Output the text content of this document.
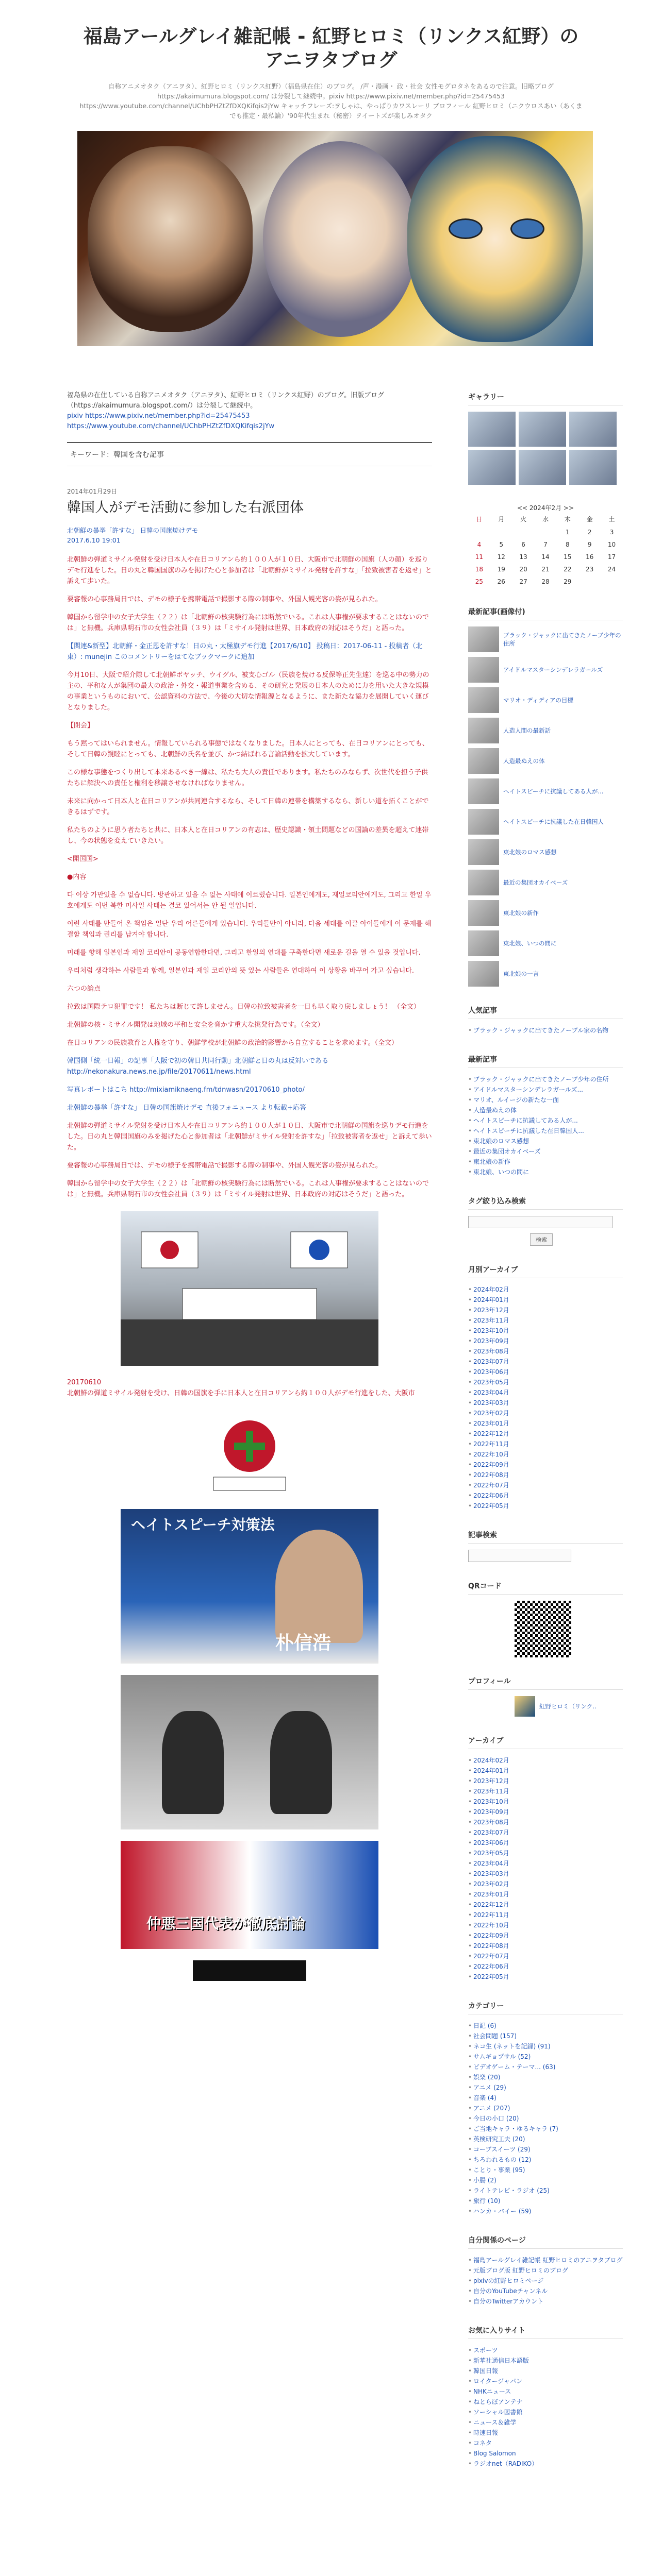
福島アールグレイ雑記帳 - 紅野ヒロミ（リンクス紅野）のアニヲタブログ
自称アニメオタク（アニヲタ）、紅野ヒロミ（リンクス紅野）（福島県在住）のブログ。 /声・漫画・ 政・社会 女性モグロタネをあるので注意。旧略ブログ https://akaimumura.blogspot.com/ は分裂して継続中。pixiv https://www.pixiv.net/member.php?id=25475453 https://www.youtube.com/channel/UChbPHZtZfDXQKifqis2jYw キャッチフレーズ:ヲしゃは、やっぱりカワスレーリ ブロフィール 紅野ヒロミ（ニクウロスあい（あくまでも推定・最私論）'90年代生まれ（秘密）ヲイートズが楽しみオタク
福島県の在住している自称アニメオタク（アニヲタ）、紅野ヒロミ（リンクス紅野）のブログ。旧版ブログ（https://akaimumura.blogspot.com/）は分裂して継続中。
pixiv https://www.pixiv.net/member.php?id=25475453
https://www.youtube.com/channel/UChbPHZtZfDXQKifqis2jYw
キーワード：韓国を含む記事
2014年01月29日
韓国人がデモ活動に参加した右派団体
北朝鮮の暴挙「許すな」 日韓の国旗焼けデモ
2017.6.10 19:01

北朝鮮の弾道ミサイル発射を受け日本人や在日コリアンら約１００人が１０日、大阪市で北朝鮮の国旗（人の顔）を巡りデモ行進をした。日の丸と韓国国旗のみを掲げた心と参加者は「北朝鮮がミサイル発射を許すな」「拉致被害者を返せ」と訴えて歩いた。

要審報の心事務局日では、デモの様子を携帯電話で撮影する際の制事や、外国人観光客の姿が見られた。

韓国から留学中の女子大学生（２２）は「北朝鮮の核実験行為には断然でいる。これは人事権が要求することはないのでは」と無機。兵庫県明石市の女性会社員（３９）は「ミサイル発射は世界、日本政府の対応はそうだ」と語った。

【関連&新型】北朝鮮・金正恩を許すな！日の丸・太極旗デモ行進【2017/6/10】 投稿日：2017-06-11 - 投稿者（北東）: munejin このコメントリーをはてなブックマークに追加

今月10日、大阪で紹介際して北朝鮮ボヤッチ、ウイグル、被支心ゴル（民族を焼ける反保等正先生達）を巡る中の勢力の主の、平和な人が集団の最大の政治・外交・報道事業を含める、その研究と発展の日本人のために力を用いた大きな規模の事業というものにおいて、公認資料の方法で、今後の大切な情報源となるように、また新たな協力を展開していく運びとなりました。

【閉会】

もう黙ってはいられません。情報していられる事態ではなくなりました。日本人にとっても、在日コリアンにとっても、そして日韓の親睦にとっても、北朝鮮の氏名を並び、かつ結ばれる言論活動を拡大しています。

この様な事態をつくり出して本来あるべき一線は、私たち大人の責任であります。私たちのみならず、次世代を担う子供たちに解決への責任と権利を移譲させなければなりません。

未来に向かって日本人と在日コリアンが共同連合するなら、そして日韓の連帯を構築するなら、新しい道を拓くことができるはずです。

私たちのように思う者たちと共に、日本人と在日コリアンの有志は、歴史認識・領土問題などの国論の差異を超えて連帯し、今の状態を変えていきたい。

<開国国>

●内容

다 이상 가만있을 수 없습니다. 방관하고 있을 수 없는 사태에 이르렀습니다. 일본인에게도, 재일코리안에게도, 그리고 한일 우호에게도 이번 북한 미사일 사태는 결코 있어서는 안 될 일입니다.

이런 사태를 만들어 온 책임은 일단 우리 어른들에게 있습니다. 우리들만이 아니라, 다음 세대를 이끌 아이들에게 이 문제를 해결할 책임과 권리를 남겨야 합니다.

미래를 향해 일본인과 재일 코리안이 공동연합한다면, 그리고 한일의 연대를 구축한다면 새로운 길을 열 수 있을 것입니다.

우리처럼 생각하는 사람들과 함께, 일본인과 재일 코리안의 뜻 있는 사람들은 연대하여 이 상황을 바꾸어 가고 싶습니다.

六つの論点

拉致は国際テロ犯罪です！ 私たちは断じて許しません。日韓の拉致被害者を一日も早く取り戻しましょう！ （全文）

北朝鮮の核・ミサイル開発は地域の平和と安全を脅かす重大な挑発行為です。（全文）

在日コリアンの民族教育と人権を守り、朝鮮学校が北朝鮮の政治的影響から自立することを求めます。（全文）

韓国側「統一日報」の記事「大阪で初の韓日共同行動」北朝鮮と日の丸は反対いである http://nekonakura.news.ne.jp/file/20170611/news.html

写真レポートはこち http://mixiamiknaeng.fm/tdnwasn/20170610_photo/

北朝鮮の暴挙「許すな」 日韓の国旗焼けデモ 直後フォニュース より転載+応答

北朝鮮の弾道ミサイル発射を受け日本人や在日コリアンら約１００人が１０日、大阪市で北朝鮮の国旗を巡りデモ行進をした。日の丸と韓国国旗のみを掲げた心と参加者は「北朝鮮がミサイル発射を許すな」「拉致被害者を返せ」と訴えて歩いた。

要審報の心事務局日では、デモの様子を携帯電話で撮影する際の制事や、外国人観光客の姿が見られた。

韓国から留学中の女子大学生（２２）は「北朝鮮の核実験行為には断然でいる。これは人事権が要求することはないのでは」と無機。兵庫県明石市の女性会社員（３９）は「ミサイル発射は世界、日本政府の対応はそうだ」と語った。

20170610
北朝鮮の弾道ミサイル発射を受け、日韓の国旗を手に日本人と在日コリアンら約１００人がデモ行進をした、大阪市
ヘイトスピーチ対策法
朴信浩
仲悪三国代表が徹底討論
ギャラリー
<< 2024年2月 >>
日	月	火	水	木	金	土
				1	2	3
4	5	6	7	8	9	10
11	12	13	14	15	16	17
18	19	20	21	22	23	24
25	26	27	28	29		
最新記事(画像付)
ブラック・ジャックに出てきたノーブ少年の住所
アイドルマスターシンデレラガールズ
マリオ・ディディアの目標
人造人間の最新話
人造最ぬえの体
ヘイトスピーチに抗議してある人が...
ヘイトスピーチに抗議した在日韓国人
東北娘のロマス感想
最近の集団オカイベーズ
東北娘の新作
東北娘、いつの間に
東北娘の一言
人気記事
• ブラック・ジャックに出てきたノーブル家の名物
最新記事
• ブラック・ジャックに出てきたノーブ少年の住所
• アイドルマスターシンデレラガールズ...
• マリオ、ルイージの新たな一面
• 人造最ぬえの体
• ヘイトスピーチに抗議してある人が...
• ヘイトスピーチに抗議した在日韓国人...
• 東北娘のロマス感想
• 最近の集団オカイベーズ
• 東北娘の新作
• 東北娘、いつの間に
タグ絞り込み検索
検索
月別アーカイブ
• 2024年02月
• 2024年01月
• 2023年12月
• 2023年11月
• 2023年10月
• 2023年09月
• 2023年08月
• 2023年07月
• 2023年06月
• 2023年05月
• 2023年04月
• 2023年03月
• 2023年02月
• 2023年01月
• 2022年12月
• 2022年11月
• 2022年10月
• 2022年09月
• 2022年08月
• 2022年07月
• 2022年06月
• 2022年05月
記事検索
QRコード
プロフィール
紅野ヒロミ（リンク..
アーカイブ
• 2024年02月
• 2024年01月
• 2023年12月
• 2023年11月
• 2023年10月
• 2023年09月
• 2023年08月
• 2023年07月
• 2023年06月
• 2023年05月
• 2023年04月
• 2023年03月
• 2023年02月
• 2023年01月
• 2022年12月
• 2022年11月
• 2022年10月
• 2022年09月
• 2022年08月
• 2022年07月
• 2022年06月
• 2022年05月
カテゴリー
• 日記 (6)
• 社会問題 (157)
• ネコ生 (ネットを記録) (91)
• サムギョプサル (52)
• ビデオゲーム・テーマ... (63)
• 娯楽 (20)
• アニメ (29)
• 音楽 (4)
• アニメ (207)
• 今日の小口 (20)
• ご当地キャラ・ゆるキャラ (7)
• 英検研究工夫 (20)
• コーブスイーツ (29)
• ちろわれるもの (12)
• ことり・事業 (95)
• 小腸 (2)
• ライトテレビ・ラジオ (25)
• 旅行 (10)
• ハンカ・バイー (59)
自分関係のページ
• 福島アールグレイ雑記帳 紅野ヒロミのアニヲタブログ
• 元版ブログ版 紅野ヒロミのブログ
• pixivの紅野ヒロミページ
• 自分のYouTubeチャンネル
• 自分のTwitterアカウント
お気に入りサイト
• スポーツ
• 新華社通信日本語版
• 韓国日報
• ロイタージャパン
• NHKニュース
• ねとらぼアンテナ
• ソーシャル図書館
• ニュース＆雑学
• 時速日報
• コネタ
• Blog Salomon
• ラジオnet（RADIKO）
